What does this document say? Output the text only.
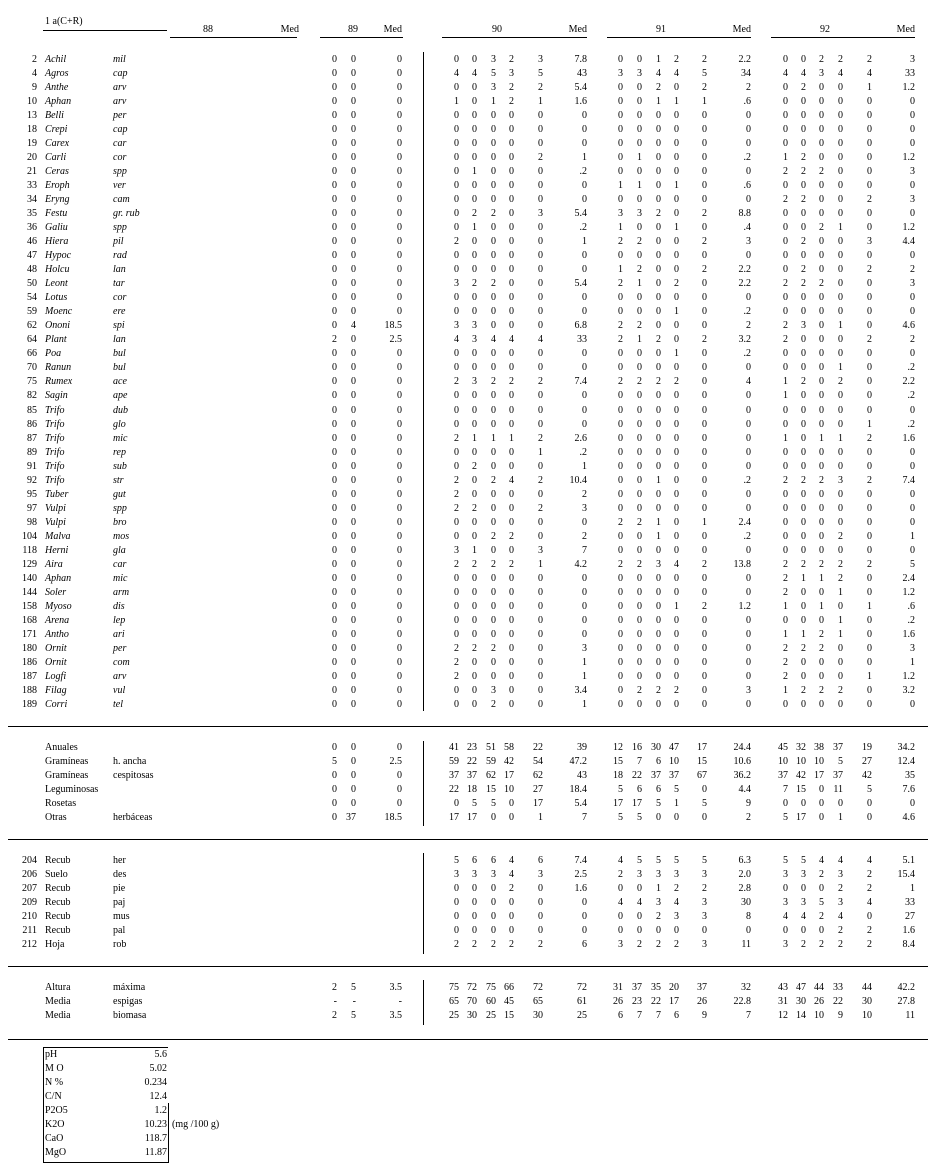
1 a(C+R)
88	Med	89	Med	90	Med	91	Med	92	Med
2 Achil	mil	0 0	0	0 0 3 2 3	7.8	0 0 1 2 2	2.2	0 0 2 2 2	3
4 Agros	cap	0 0	0	4 4 5 3 5	43	3 3 4 4 5	34	4 4 3 4 4	33
9 Anthe	arv	0 0	0	0 0 3 2 2	5.4	0 0 2 0 2	2	0 2 0 0 1	1.2
10 Aphan	arv	0 0	0	1 0 1 2 1	1.6	0 0 1 1 1	.6	0 0 0 0 0	0
13 Belli	per	0 0	0	0 0 0 0 0	0	0 0 0 0 0	0	0 0 0 0 0	0
18 Crepi	cap	0 0	0	0 0 0 0 0	0	0 0 0 0 0	0	0 0 0 0 0	0
19 Carex	car	0 0	0	0 0 0 0 0	0	0 0 0 0 0	0	0 0 0 0 0	0
20 Carli	cor	0 0	0	0 0 0 0 2	1	0 1 0 0 0	.2	1 2 0 0 0	1.2
21 Ceras	spp	0 0	0	0 1 0 0 0	.2	0 0 0 0 0	0	2 2 2 0 0	3
33 Eroph	ver	0 0	0	0 0 0 0 0	0	1 1 0 1 0	.6	0 0 0 0 0	0
34 Eryng	cam	0 0	0	0 0 0 0 0	0	0 0 0 0 0	0	2 2 0 0 2	3
35 Festu	gr. rub	0 0	0	0 2 2 0 3	5.4	3 3 2 0 2	8.8	0 0 0 0 0	0
36 Galiu	spp	0 0	0	0 1 0 0 0	.2	1 0 0 1 0	.4	0 0 2 1 0	1.2
46 Hiera	pil	0 0	0	2 0 0 0 0	1	2 2 0 0 2	3	0 2 0 0 3	4.4
47 Hypoc	rad	0 0	0	0 0 0 0 0	0	0 0 0 0 0	0	0 0 0 0 0	0
48 Holcu	lan	0 0	0	0 0 0 0 0	0	1 2 0 0 2	2.2	0 2 0 0 2	2
50 Leont	tar	0 0	0	3 2 2 0 0	5.4	2 1 0 2 0	2.2	2 2 2 0 0	3
54 Lotus	cor	0 0	0	0 0 0 0 0	0	0 0 0 0 0	0	0 0 0 0 0	0
59 Moenc	ere	0 0	0	0 0 0 0 0	0	0 0 0 1 0	.2	0 0 0 0 0	0
62 Ononi	spi	0 4	18.5	3 3 0 0 0	6.8	2 2 0 0 0	2	2 3 0 1 0	4.6
64 Plant	lan	2 0	2.5	4 3 4 4 4	33	2 1 2 0 2	3.2	2 0 0 0 2	2
66 Poa	bul	0 0	0	0 0 0 0 0	0	0 0 0 1 0	.2	0 0 0 0 0	0
70 Ranun	bul	0 0	0	0 0 0 0 0	0	0 0 0 0 0	0	0 0 0 1 0	.2
75 Rumex	ace	0 0	0	2 3 2 2 2	7.4	2 2 2 2 0	4	1 2 0 2 0	2.2
82 Sagin	ape	0 0	0	0 0 0 0 0	0	0 0 0 0 0	0	1 0 0 0 0	.2
85 Trifo	dub	0 0	0	0 0 0 0 0	0	0 0 0 0 0	0	0 0 0 0 0	0
86 Trifo	glo	0 0	0	0 0 0 0 0	0	0 0 0 0 0	0	0 0 0 0 1	.2
87 Trifo	mic	0 0	0	2 1 1 1 2	2.6	0 0 0 0 0	0	1 0 1 1 2	1.6
89 Trifo	rep	0 0	0	0 0 0 0 1	.2	0 0 0 0 0	0	0 0 0 0 0	0
91 Trifo	sub	0 0	0	0 2 0 0 0	1	0 0 0 0 0	0	0 0 0 0 0	0
92 Trifo	str	0 0	0	2 0 2 4 2	10.4	0 0 1 0 0	.2	2 2 2 3 2	7.4
95 Tuber	gut	0 0	0	2 0 0 0 0	2	0 0 0 0 0	0	0 0 0 0 0	0
97 Vulpi	spp	0 0	0	2 2 0 0 2	3	0 0 0 0 0	0	0 0 0 0 0	0
98 Vulpi	bro	0 0	0	0 0 0 0 0	0	2 2 1 0 1	2.4	0 0 0 0 0	0
104 Malva	mos	0 0	0	0 0 2 2 0	2	0 0 1 0 0	.2	0 0 0 2 0	1
118 Herni	gla	0 0	0	3 1 0 0 3	7	0 0 0 0 0	0	0 0 0 0 0	0
129 Aira	car	0 0	0	2 2 2 2 1	4.2	2 2 3 4 2	13.8	2 2 2 2 2	5
140 Aphan	mic	0 0	0	0 0 0 0 0	0	0 0 0 0 0	0	2 1 1 2 0	2.4
144 Soler	arm	0 0	0	0 0 0 0 0	0	0 0 0 0 0	0	2 0 0 1 0	1.2
158 Myoso	dis	0 0	0	0 0 0 0 0	0	0 0 0 1 2	1.2	1 0 1 0 1	.6
168 Arena	lep	0 0	0	0 0 0 0 0	0	0 0 0 0 0	0	0 0 0 1 0	.2
171 Antho	ari	0 0	0	0 0 0 0 0	0	0 0 0 0 0	0	1 1 2 1 0	1.6
180 Ornit	per	0 0	0	2 2 2 0 0	3	0 0 0 0 0	0	2 2 2 0 0	3
186 Ornit	com	0 0	0	2 0 0 0 0	1	0 0 0 0 0	0	2 0 0 0 0	1
187 Logfi	arv	0 0	0	2 0 0 0 0	1	0 0 0 0 0	0	2 0 0 0 1	1.2
188 Filag	vul	0 0	0	0 0 3 0 0	3.4	0 2 2 2 0	3	1 2 2 2 0	3.2
189 Corri	tel	0 0	0	0 0 2 0 0	1	0 0 0 0 0	0	0 0 0 0 0	0
Anuales	0 0	0	41 23 51 58 22	39	12 16 30 47 17	24.4	45 32 38 37 19	34.2
Gramíneas h. ancha	5 0	2.5	59 22 59 42 54	47.2	15 7 6 10 15	10.6	10 10 10 5 27	12.4
Gramíneas cespitosas	0 0	0	37 37 62 17 62	43	18 22 37 37 67	36.2	37 42 17 37 42	35
Leguminosas	0 0	0	22 18 15 10 27	18.4	5 6 6 5 0	4.4	7 15 0 11 5	7.6
Rosetas	0 0	0	0 5 5 0 17	5.4	17 17 5 1 5	9	0 0 0 0 0	0
Otras	herbáceas	0 37	18.5	17 17 0 0 1	7	5 5 0 0 0	2	5 17 0 1 0	4.6
204 Recub	her	5 6 6 4 6	7.4	4 5 5 5 5	6.3	5 5 4 4 4	5.1
206 Suelo	des	3 3 3 4 3	2.5	2 3 3 3 3	2.0	3 3 2 3 2	15.4
207 Recub	pie	0 0 0 2 0	1.6	0 0 1 2 2	2.8	0 0 0 2 2	1
209 Recub	paj	0 0 0 0 0	0	4 4 3 4 3	30	3 3 5 3 4	33
210 Recub	mus	0 0 0 0 0	0	0 0 2 3 3	8	4 4 2 4 0	27
211 Recub	pal	0 0 0 0 0	0	0 0 0 0 0	0	0 0 0 2 2	1.6
212 Hoja	rob	2 2 2 2 2	6	3 2 2 2 3	11	3 2 2 2 2	8.4
Altura	máxima	2 5	3.5	75 72 75 66 72	72	31 37 35 20 37	32	43 47 44 33 44	42.2
Media	espigas	- -	-	65 70 60 45 65	61	26 23 22 17 26	22.8	31 30 26 22 30	27.8
Media	biomasa	2 5	3.5	25 30 25 15 30	25	6 7 7 6 9	7	12 14 10 9 10	11
pH	5.6
M O	5.02
N %	0.234
C/N	12.4
P2O5	1.2
K2O	10.23
CaO	118.7
MgO	11.87
(mg /100 g)
